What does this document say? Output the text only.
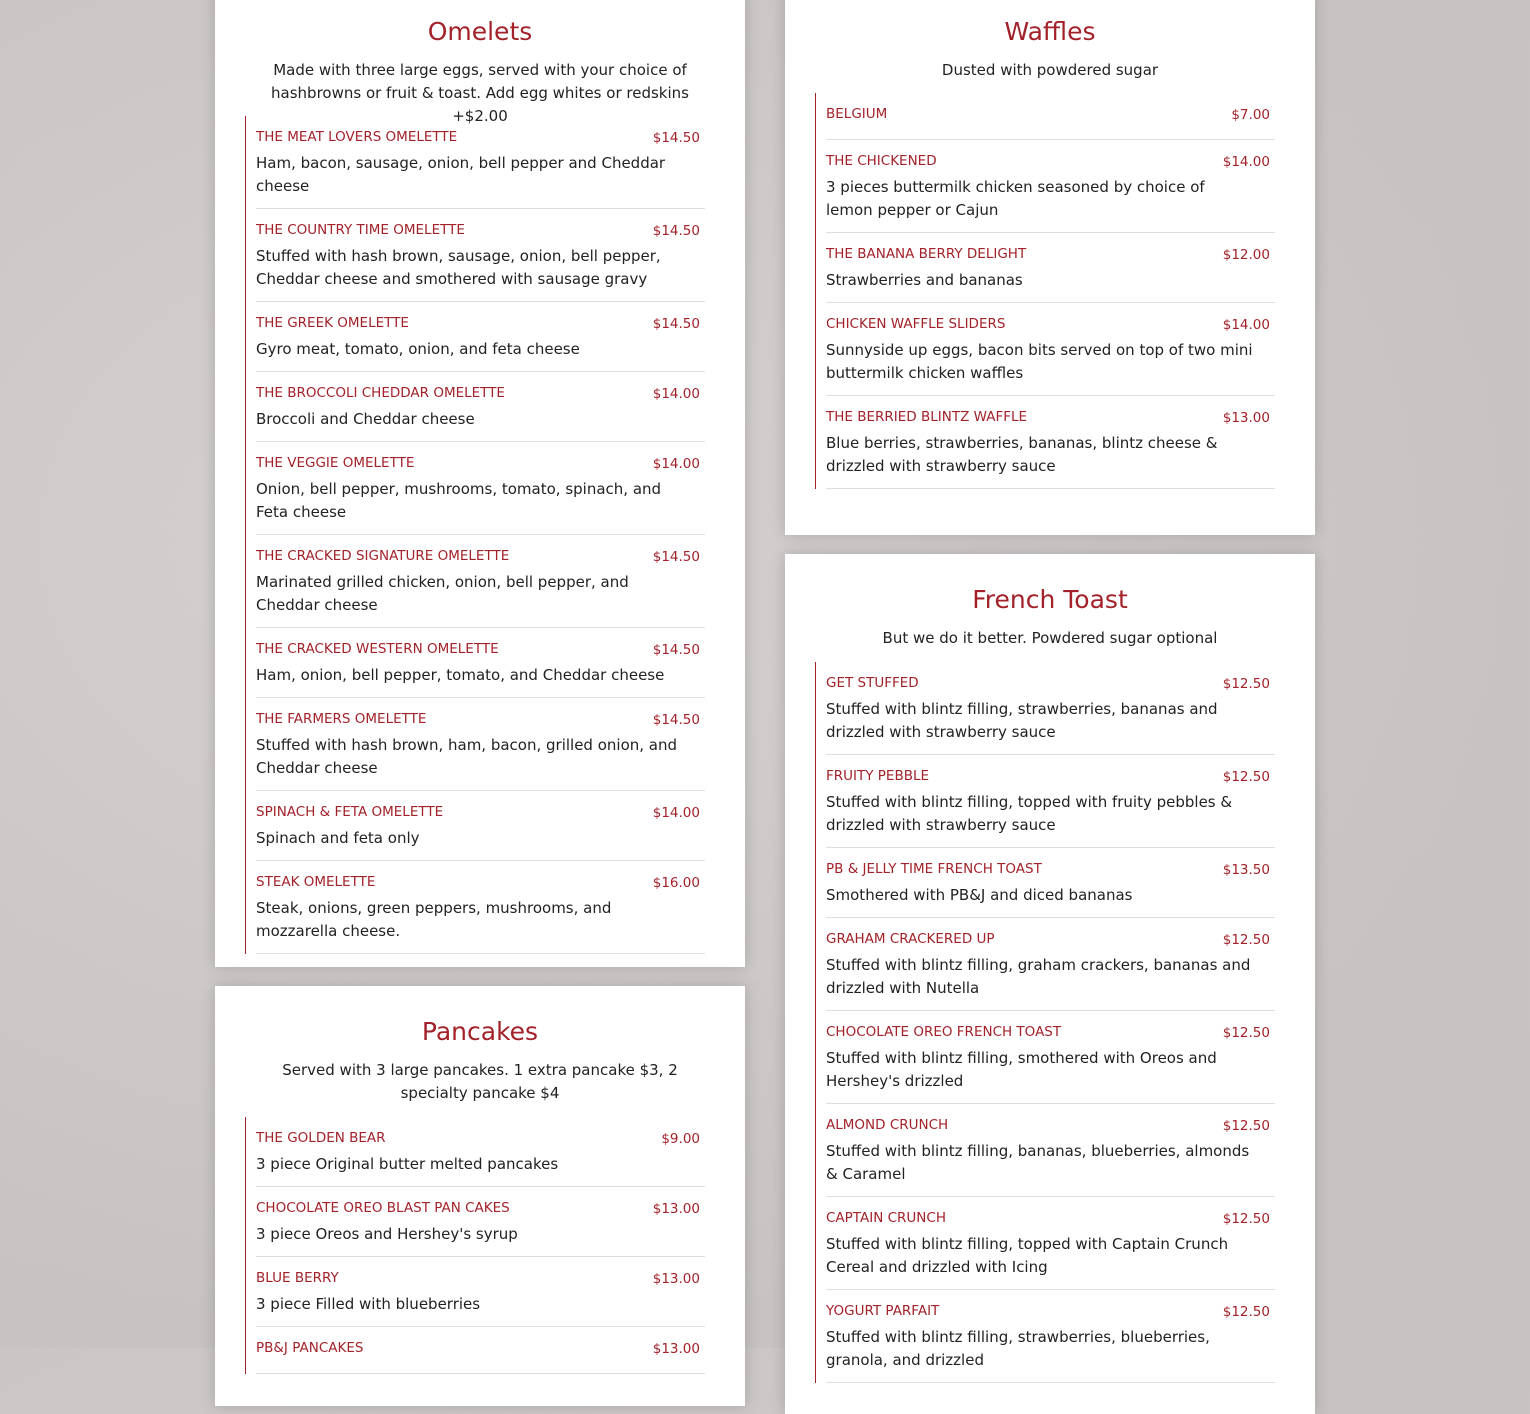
Omelets
Made with three large eggs, served with your choice of hashbrowns or fruit & toast. Add egg whites or redskins +$2.00
THE MEAT LOVERS OMELETTE	$14.50
Ham, bacon, sausage, onion, bell pepper and Cheddar cheese
THE COUNTRY TIME OMELETTE	$14.50
Stuffed with hash brown, sausage, onion, bell pepper, Cheddar cheese and smothered with sausage gravy
THE GREEK OMELETTE	$14.50
Gyro meat, tomato, onion, and feta cheese
THE BROCCOLI CHEDDAR OMELETTE	$14.00
Broccoli and Cheddar cheese
THE VEGGIE OMELETTE	$14.00
Onion, bell pepper, mushrooms, tomato, spinach, and Feta cheese
THE CRACKED SIGNATURE OMELETTE	$14.50
Marinated grilled chicken, onion, bell pepper, and Cheddar cheese
THE CRACKED WESTERN OMELETTE	$14.50
Ham, onion, bell pepper, tomato, and Cheddar cheese
THE FARMERS OMELETTE	$14.50
Stuffed with hash brown, ham, bacon, grilled onion, and Cheddar cheese
SPINACH & FETA OMELETTE	$14.00
Spinach and feta only
STEAK OMELETTE	$16.00
Steak, onions, green peppers, mushrooms, and mozzarella cheese.
Pancakes
Served with 3 large pancakes. 1 extra pancake $3, 2 specialty pancake $4
THE GOLDEN BEAR	$9.00
3 piece Original butter melted pancakes
CHOCOLATE OREO BLAST PAN CAKES	$13.00
3 piece Oreos and Hershey's syrup
BLUE BERRY	$13.00
3 piece Filled with blueberries
PB&J PANCAKES	$13.00
Waffles
Dusted with powdered sugar
BELGIUM	$7.00
THE CHICKENED	$14.00
3 pieces buttermilk chicken seasoned by choice of lemon pepper or Cajun
THE BANANA BERRY DELIGHT	$12.00
Strawberries and bananas
CHICKEN WAFFLE SLIDERS	$14.00
Sunnyside up eggs, bacon bits served on top of two mini buttermilk chicken waffles
THE BERRIED BLINTZ WAFFLE	$13.00
Blue berries, strawberries, bananas, blintz cheese & drizzled with strawberry sauce
French Toast
But we do it better. Powdered sugar optional
GET STUFFED	$12.50
Stuffed with blintz filling, strawberries, bananas and drizzled with strawberry sauce
FRUITY PEBBLE	$12.50
Stuffed with blintz filling, topped with fruity pebbles & drizzled with strawberry sauce
PB & JELLY TIME FRENCH TOAST	$13.50
Smothered with PB&J and diced bananas
GRAHAM CRACKERED UP	$12.50
Stuffed with blintz filling, graham crackers, bananas and drizzled with Nutella
CHOCOLATE OREO FRENCH TOAST	$12.50
Stuffed with blintz filling, smothered with Oreos and Hershey's drizzled
ALMOND CRUNCH	$12.50
Stuffed with blintz filling, bananas, blueberries, almonds & Caramel
CAPTAIN CRUNCH	$12.50
Stuffed with blintz filling, topped with Captain Crunch Cereal and drizzled with Icing
YOGURT PARFAIT	$12.50
Stuffed with blintz filling, strawberries, blueberries, granola, and drizzled
